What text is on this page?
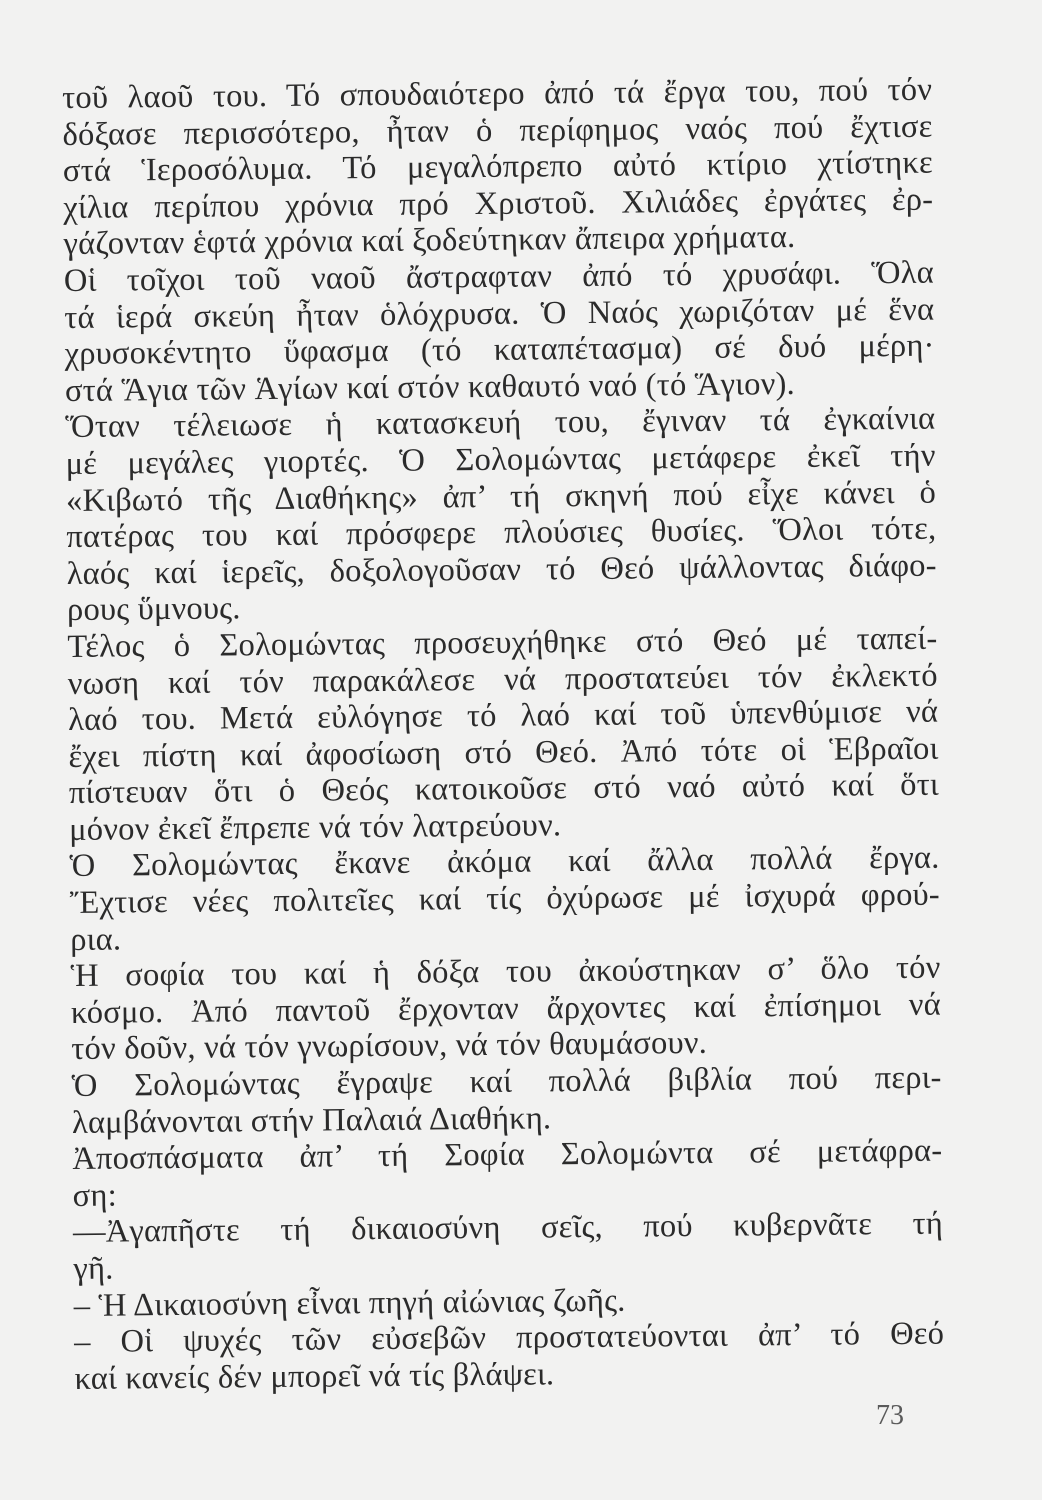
τοῦ λαοῦ του. Τό σπουδαιότερο ἀπό τά ἔργα του, πού τόν
δόξασε περισσότερο, ἦταν ὁ περίφημος ναός πού ἔχτισε
στά Ἱεροσόλυμα. Τό μεγαλόπρεπο αὐτό κτίριο χτίστηκε
χίλια περίπου χρόνια πρό Χριστοῦ. Χιλιάδες ἐργάτες ἐρ-
γάζονταν ἑφτά χρόνια καί ξοδεύτηκαν ἄπειρα χρήματα.
Οἱ τοῖχοι τοῦ ναοῦ ἄστραφταν ἀπό τό χρυσάφι. Ὅλα
τά ἱερά σκεύη ἦταν ὁλόχρυσα. Ὁ Ναός χωριζόταν μέ ἕνα
χρυσοκέντητο ὕφασμα (τό καταπέτασμα) σέ δυό μέρη·
στά Ἅγια τῶν Ἁγίων καί στόν καθαυτό ναό (τό Ἅγιον).
Ὅταν τέλειωσε ἡ κατασκευή του, ἔγιναν τά ἐγκαίνια
μέ μεγάλες γιορτές. Ὁ Σολομώντας μετάφερε ἐκεῖ τήν
«Κιβωτό τῆς Διαθήκης» ἀπ’ τή σκηνή πού εἶχε κάνει ὁ
πατέρας του καί πρόσφερε πλούσιες θυσίες. Ὅλοι τότε,
λαός καί ἱερεῖς, δοξολογοῦσαν τό Θεό ψάλλοντας διάφο-
ρους ὕμνους.
Τέλος ὁ Σολομώντας προσευχήθηκε στό Θεό μέ ταπεί-
νωση καί τόν παρακάλεσε νά προστατεύει τόν ἐκλεκτό
λαό του. Μετά εὐλόγησε τό λαό καί τοῦ ὑπενθύμισε νά
ἔχει πίστη καί ἀφοσίωση στό Θεό. Ἀπό τότε οἱ Ἑβραῖοι
πίστευαν ὅτι ὁ Θεός κατοικοῦσε στό ναό αὐτό καί ὅτι
μόνον ἐκεῖ ἔπρεπε νά τόν λατρεύουν.
Ὁ Σολομώντας ἔκανε ἀκόμα καί ἄλλα πολλά ἔργα.
Ἔχτισε νέες πολιτεῖες καί τίς ὀχύρωσε μέ ἰσχυρά φρού-
ρια.
Ἡ σοφία του καί ἡ δόξα του ἀκούστηκαν σ’ ὅλο τόν
κόσμο. Ἀπό παντοῦ ἔρχονταν ἄρχοντες καί ἐπίσημοι νά
τόν δοῦν, νά τόν γνωρίσουν, νά τόν θαυμάσουν.
Ὁ Σολομώντας ἔγραψε καί πολλά βιβλία πού περι-
λαμβάνονται στήν Παλαιά Διαθήκη.
Ἀποσπάσματα ἀπ’ τή Σοφία Σολομώντα σέ μετάφρα-
ση:
—Ἀγαπῆστε τή δικαιοσύνη σεῖς, πού κυβερνᾶτε τή
γῆ.
– Ἡ Δικαιοσύνη εἶναι πηγή αἰώνιας ζωῆς.
– Οἱ ψυχές τῶν εὐσεβῶν προστατεύονται ἀπ’ τό Θεό
καί κανείς δέν μπορεῖ νά τίς βλάψει.
73
